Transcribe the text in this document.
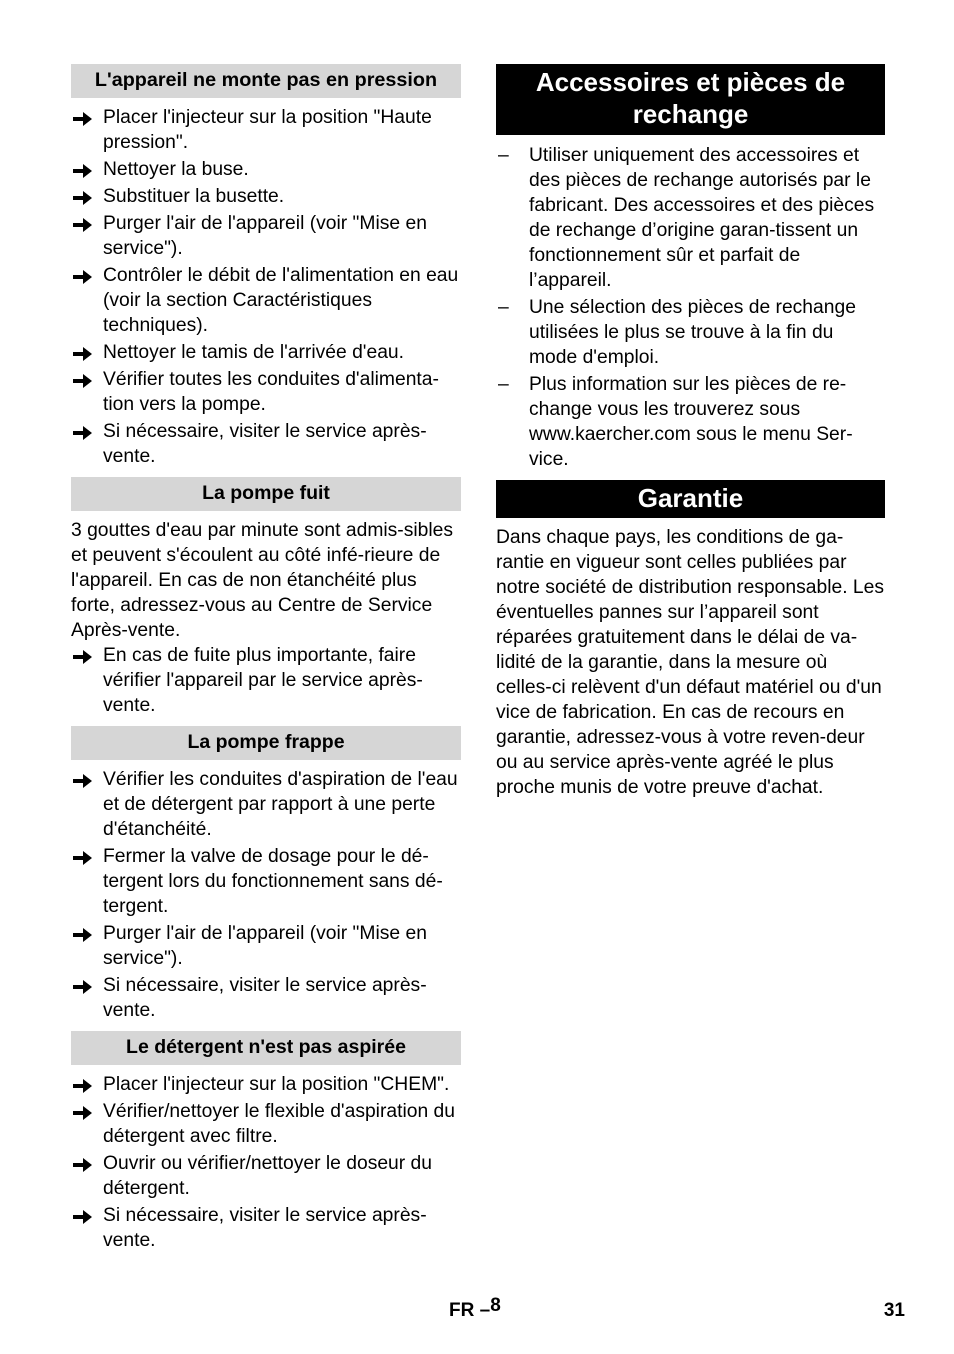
L'appareil ne monte pas en pression
Placer l'injecteur sur la position "Haute pression".
Nettoyer la buse.
Substituer la busette.
Purger l'air de l'appareil (voir "Mise en service").
Contrôler le débit de l'alimentation en eau (voir la section Caractéristiques techniques).
Nettoyer le tamis de l'arrivée d'eau.
Vérifier toutes les conduites d'alimenta-tion vers la pompe.
Si nécessaire, visiter le service après-vente.
La pompe fuit

3 gouttes d'eau par minute sont admis-sibles et peuvent s'écoulent au côté infé-rieure de l'appareil. En cas de non étanchéité plus forte, adressez-vous au Centre de Service Après-vente.

En cas de fuite plus importante, faire vérifier l'appareil par le service après-vente.
La pompe frappe
Vérifier les conduites d'aspiration de l'eau et de détergent par rapport à une perte d'étanchéité.
Fermer la valve de dosage pour le dé-tergent lors du fonctionnement sans dé-tergent.
Purger l'air de l'appareil (voir "Mise en service").
Si nécessaire, visiter le service après-vente.
Le détergent n'est pas aspirée
Placer l'injecteur sur la position "CHEM".
Vérifier/nettoyer le flexible d'aspiration du détergent avec filtre.
Ouvrir ou vérifier/nettoyer le doseur du détergent.
Si nécessaire, visiter le service après-vente.
Accessoires et pièces de rechange
– Utiliser uniquement des accessoires et des pièces de rechange autorisés par le fabricant. Des accessoires et des pièces de rechange d’origine garan-tissent un fonctionnement sûr et parfait de l’appareil.
– Une sélection des pièces de rechange utilisées le plus se trouve à la fin du mode d'emploi.
– Plus information sur les pièces de re-change vous les trouverez sous www.kaercher.com sous le menu Ser-vice.
Garantie

Dans chaque pays, les conditions de ga-rantie en vigueur sont celles publiées par notre société de distribution responsable. Les éventuelles pannes sur l’appareil sont réparées gratuitement dans le délai de va-lidité de la garantie, dans la mesure où celles-ci relèvent d'un défaut matériel ou d'un vice de fabrication. En cas de recours en garantie, adressez-vous à votre reven-deur ou au service après-vente agréé le plus proche munis de votre preuve d'achat.

FR –8	31
